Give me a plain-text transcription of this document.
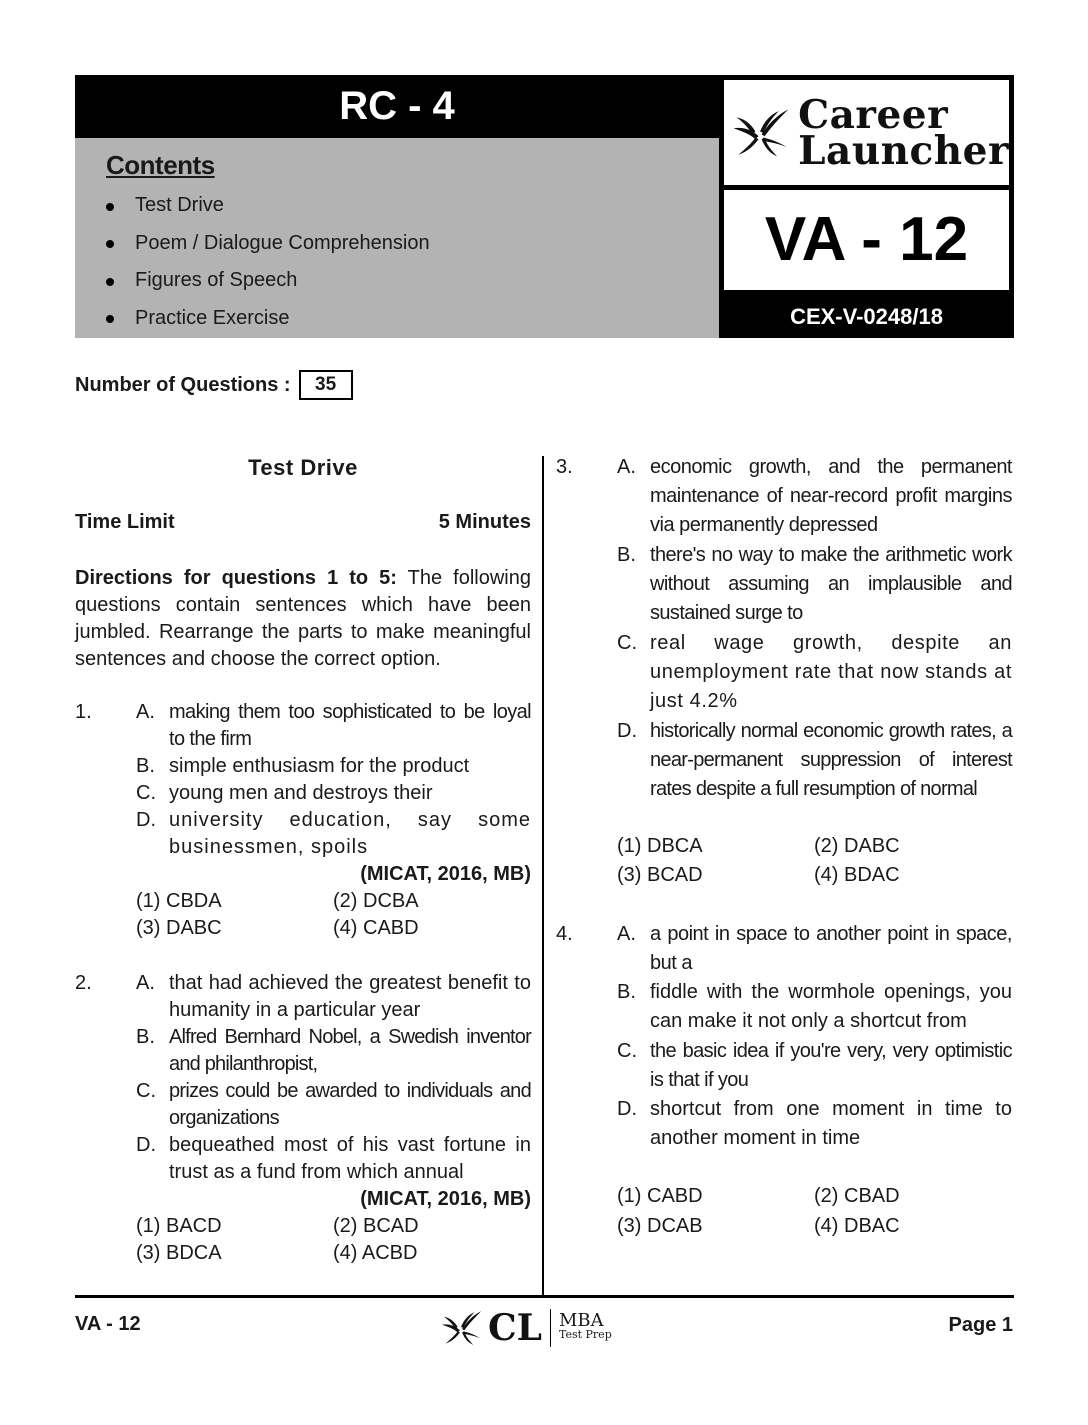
RC - 4
Contents
Test Drive
Poem / Dialogue Comprehension
Figures of Speech
Practice Exercise
Career
Launcher
VA - 12
CEX-V-0248/18
Number of Questions :	35
Test Drive
Time Limit	5 Minutes
Directions for questions 1 to 5: The following questions contain sentences which have been jumbled. Rearrange the parts to make meaningful sentences and choose the correct option.
1. A. making them too sophisticated to be loyal to the firm
B. simple enthusiasm for the product
C. young men and destroys their
D. university education, say some businessmen, spoils
(MICAT, 2016, MB)
(1) CBDA	(2) DCBA
(3) DABC	(4) CABD
2. A. that had achieved the greatest benefit to humanity in a particular year
B. Alfred Bernhard Nobel, a Swedish inventor and philanthropist,
C. prizes could be awarded to individuals and organizations
D. bequeathed most of his vast fortune in trust as a fund from which annual
(MICAT, 2016, MB)
(1) BACD	(2) BCAD
(3) BDCA	(4) ACBD
3. A. economic growth, and the permanent maintenance of near-record profit margins via permanently depressed
B. there's no way to make the arithmetic work without assuming an implausible and sustained surge to
C. real wage growth, despite an unemployment rate that now stands at just 4.2%
D. historically normal economic growth rates, a near-permanent suppression of interest rates despite a full resumption of normal
(1) DBCA	(2) DABC
(3) BCAD	(4) BDAC
4. A. a point in space to another point in space, but a
B. fiddle with the wormhole openings, you can make it not only a shortcut from
C. the basic idea if you're very, very optimistic is that if you
D. shortcut from one moment in time to another moment in time
(1) CABD	(2) CBAD
(3) DCAB	(4) DBAC
VA - 12	CL MBA
Test Prep	Page 1
